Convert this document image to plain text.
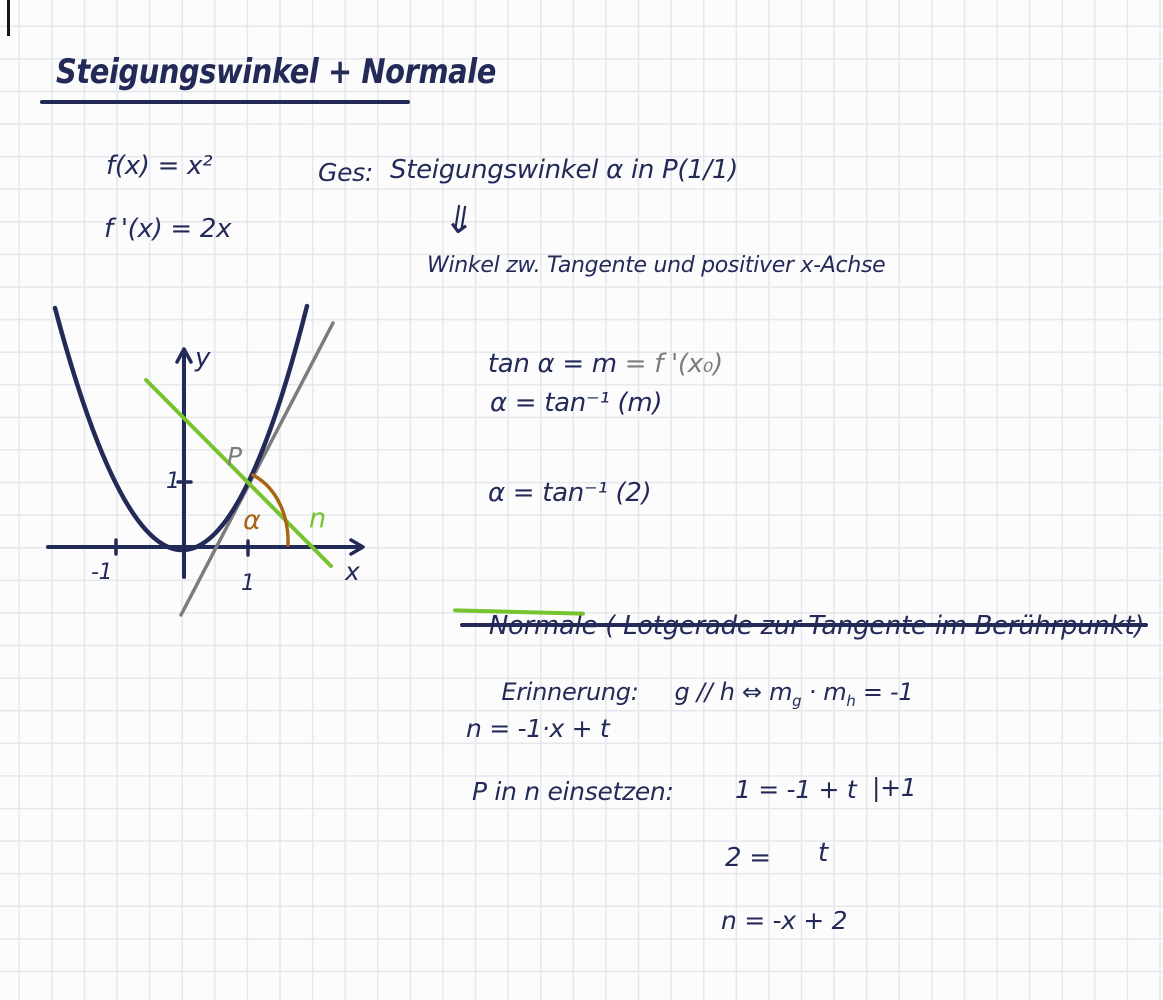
Steigungswinkel + Normale
f(x) = x²
f '(x) = 2x
Ges: Steigungswinkel α in P(1/1)
⇓
Winkel zw. Tangente und positiver x-Achse

tan α = m = f '(x₀)

α = tan⁻¹ (m)
α = tan⁻¹ (2)
y
x
1
-1	1
P
α n

Erinnerung: g // h ⇔ $m_g \cdot m_h = -1$

n = -1·x + t
P in n einsetzen: 1 = -1 + t |+1
2 = t
n = -x + 2
